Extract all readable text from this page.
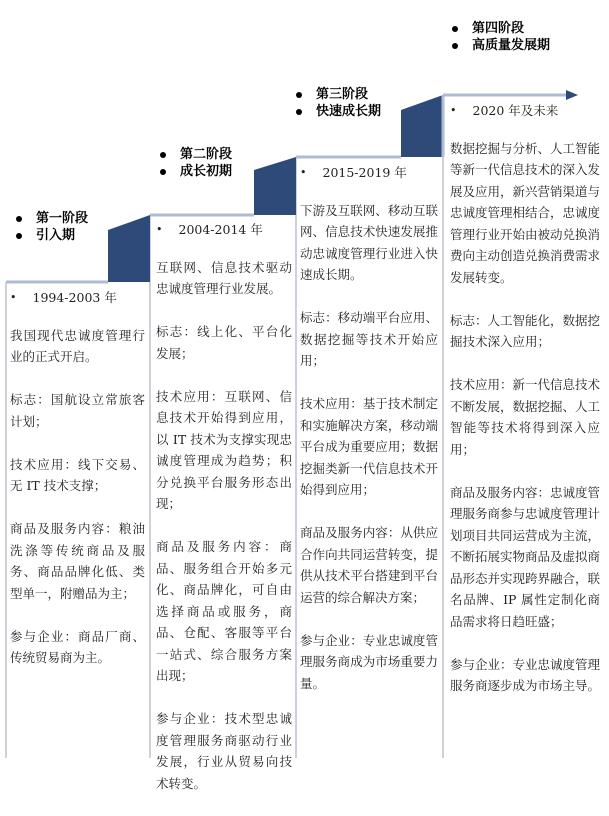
第一阶段
引入期
第二阶段
成长初期
第三阶段
快速成长期
第四阶段
高质量发展期
• 1994-2003 年

我国现代忠诚度管理行业的正式开启。

标志：国航设立常旅客计划；

技术应用：线下交易、无 IT 技术支撑；

商品及服务内容：粮油洗涤等传统商品及服务、商品品牌化低、类型单一，附赠品为主；

参与企业：商品厂商、传统贸易商为主。

• 2004-2014 年

互联网、信息技术驱动忠诚度管理行业发展。

标志：线上化、平台化发展；

技术应用：互联网、信息技术开始得到应用，以 IT 技术为支撑实现忠诚度管理成为趋势；积分兑换平台服务形态出现；

商品及服务内容：商品、服务组合开始多元化、商品牌化，可自由选择商品或服务，商品、仓配、客服等平台一站式、综合服务方案出现；

参与企业：技术型忠诚度管理服务商驱动行业发展，行业从贸易向技术转变。

• 2015-2019 年

下游及互联网、移动互联网、信息技术快速发展推动忠诚度管理行业进入快速成长期。

标志：移动端平台应用、数据挖掘等技术开始应用；

技术应用：基于技术制定和实施解决方案，移动端平台成为重要应用；数据挖掘类新一代信息技术开始得到应用；

商品及服务内容：从供应合作向共同运营转变，提供从技术平台搭建到平台运营的综合解决方案；

参与企业：专业忠诚度管理服务商成为市场重要力量。

• 2020 年及未来

数据挖掘与分析、人工智能等新一代信息技术的深入发展及应用，新兴营销渠道与忠诚度管理相结合，忠诚度管理行业开始由被动兑换消费向主动创造兑换消费需求发展转变。

标志：人工智能化，数据挖掘技术深入应用；

技术应用：新一代信息技术不断发展，数据挖掘、人工智能等技术将得到深入应用；

商品及服务内容：忠诚度管理服务商参与忠诚度管理计划项目共同运营成为主流，不断拓展实物商品及虚拟商品形态并实现跨界融合，联名品牌、IP 属性定制化商品需求将日趋旺盛；

参与企业：专业忠诚度管理服务商逐步成为市场主导。
